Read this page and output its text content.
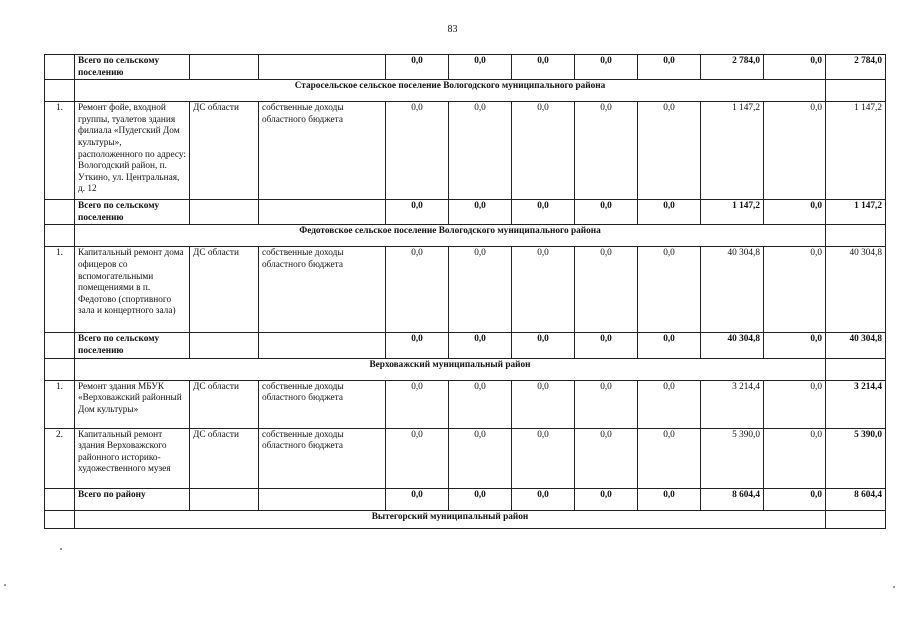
83
	Всего по сельскому поселению			0,0	0,0	0,0	0,0	0,0	2 784,0	0,0	2 784,0
	Старосельское сельское поселение Вологодского муниципального района										
1.	Ремонт фойе, входной группы, туалетов здания филиала «Пудегский Дом культуры», расположенного по адресу: Вологодский район, п. Уткино, ул. Центральная, д. 12	ДС области	собственные доходы областного бюджета	0,0	0,0	0,0	0,0	0,0	1 147,2	0,0	1 147,2
	Всего по сельскому поселению			0,0	0,0	0,0	0,0	0,0	1 147,2	0,0	1 147,2
	Федотовское сельское поселение Вологодского муниципального района										
1.	Капитальный ремонт дома офицеров со вспомогательными помещениями в п. Федотово (спортивного зала и концертного зала)	ДС области	собственные доходы областного бюджета	0,0	0,0	0,0	0,0	0,0	40 304,8	0,0	40 304,8
	Всего по сельскому поселению			0,0	0,0	0,0	0,0	0,0	40 304,8	0,0	40 304,8
	Верховажский муниципальный район										
1.	Ремонт здания МБУК «Верховажский районный Дом культуры»	ДС области	собственные доходы областного бюджета	0,0	0,0	0,0	0,0	0,0	3 214,4	0,0	3 214,4
2.	Капитальный ремонт здания Верховажского районного историко-художественного музея	ДС области	собственные доходы областного бюджета	0,0	0,0	0,0	0,0	0,0	5 390,0	0,0	5 390,0
	Всего по району			0,0	0,0	0,0	0,0	0,0	8 604,4	0,0	8 604,4
	Вытегорский муниципальный район										
